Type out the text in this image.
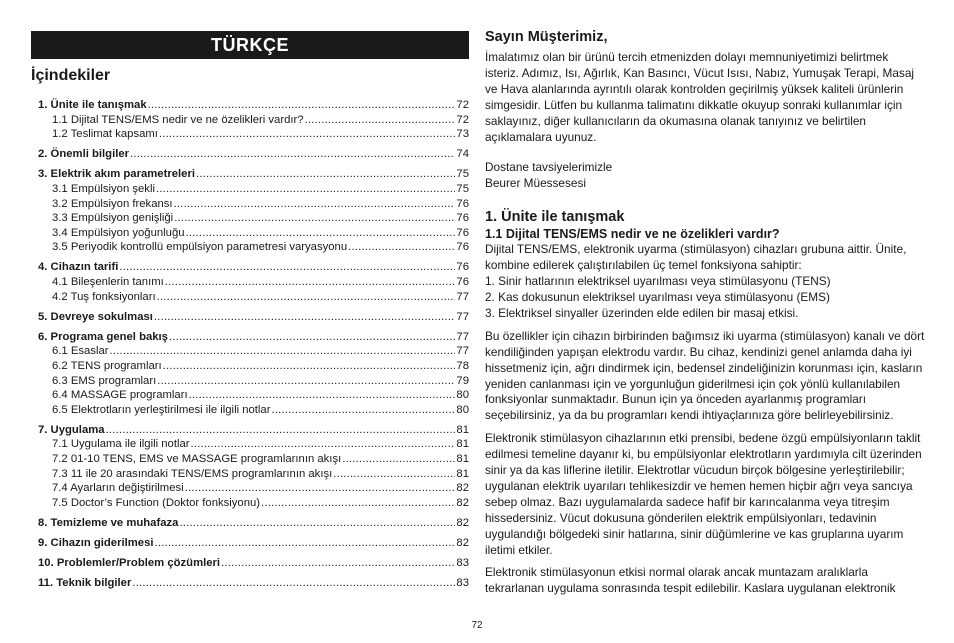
TÜRKÇE
İçindekiler
1. Ünite ile tanışmak .....	72
1.1 Dijital TENS/EMS nedir ve ne özelikleri vardır? .....	72
1.2 Teslimat kapsamı .....	73
2. Önemli bilgiler .....	74
3. Elektrik akım parametreleri .....	75
3.1 Empülsiyon şekli .....	75
3.2 Empülsiyon frekansı .....	76
3.3 Empülsiyon genişliği .....	76
3.4 Empülsiyon yoğunluğu .....	76
3.5 Periyodik kontrollü empülsiyon parametresi varyasyonu .....	76
4. Cihazın tarifi .....	76
4.1 Bileşenlerin tanımı .....	76
4.2 Tuş fonksiyonları .....	77
5. Devreye sokulması .....	77
6. Programa genel bakış .....	77
6.1 Esaslar .....	77
6.2 TENS programları .....	78
6.3 EMS programları .....	79
6.4 MASSAGE programları .....	80
6.5 Elektrotların yerleştirilmesi ile ilgili notlar .....	80
7. Uygulama .....	81
7.1 Uygulama ile ilgili notlar .....	81
7.2 01-10 TENS, EMS ve MASSAGE programlarının akışı .....	81
7.3 11 ile 20 arasındaki TENS/EMS programlarının akışı .....	81
7.4 Ayarların değiştirilmesi .....	82
7.5 Doctor’s Function (Doktor fonksiyonu) .....	82
8. Temizleme ve muhafaza .....	82
9. Cihazın giderilmesi .....	82
10. Problemler/Problem çözümleri .....	83
11. Teknik bilgiler .....	83
Sayın Müşterimiz,

İmalatımız olan bir ürünü tercih etmenizden dolayı memnuniyetimizi belirtmek isteriz. Adımız, Isı, Ağırlık, Kan Basıncı, Vücut Isısı, Nabız, Yumuşak Terapi, Masaj ve Hava alanlarında ayrıntılı olarak kontrolden geçirilmiş yüksek kaliteli ürünlerin simgesidir. Lütfen bu kullanma talimatını dikkatle okuyup sonraki kullanımlar için saklayınız, diğer kullanıcıların da okumasına olanak tanıyınız ve belirtilen açıklamalara uyunuz.

Dostane tavsiyelerimizle

Beurer Müessesesi

1. Ünite ile tanışmak
1.1 Dijital TENS/EMS nedir ve ne özelikleri vardır?

Dijital TENS/EMS, elektronik uyarma (stimülasyon) cihazları grubuna aittir. Ünite, kombine edilerek çalıştırılabilen üç temel fonksiyona sahiptir:

1. Sinir hatlarının elektriksel uyarılması veya stimülasyonu (TENS)

2. Kas dokusunun elektriksel uyarılması veya stimülasyonu (EMS)

3. Elektriksel sinyaller üzerinden elde edilen bir masaj etkisi.

Bu özellikler için cihazın birbirinden bağımsız iki uyarma (stimülasyon) kanalı ve dört kendiliğinden yapışan elektrodu vardır. Bu cihaz, kendinizi genel anlamda daha iyi hissetmeniz için, ağrı dindirmek için, bedensel zindeliğinizin korunması için, kasların yeniden canlanması için ve yorgunluğun giderilmesi için çok yönlü kullanılabilen fonksiyonlar sunmaktadır. Bunun için ya önceden ayarlanmış programları seçebilirsiniz, ya da bu programları kendi ihtiyaçlarınıza göre belirleyebilirsiniz.

Elektronik stimülasyon cihazlarının etki prensibi, bedene özgü empülsiyonların taklit edilmesi temeline dayanır ki, bu empülsiyonlar elektrotların yardımıyla cilt üzerinden sinir ya da kas liflerine iletilir. Elektrotlar vücudun birçok bölgesine yerleştirilebilir; uygulanan elektrik uyarıları tehlikesizdir ve hemen hemen hiçbir ağrı veya sancıya sebep olmaz. Bazı uygulamalarda sadece hafif bir karıncalanma veya titreşim hissedersiniz. Vücut dokusuna gönderilen elektrik empülsiyonları, tedavinin uygulandığı bölgedeki sinir hatlarına, sinir düğümlerine ve kas gruplarına uyarım iletimi etkiler.

Elektronik stimülasyonun etkisi normal olarak ancak muntazam aralıklarla tekrarlanan uygulama sonrasında tespit edilebilir. Kaslara uygulanan elektronik

72
